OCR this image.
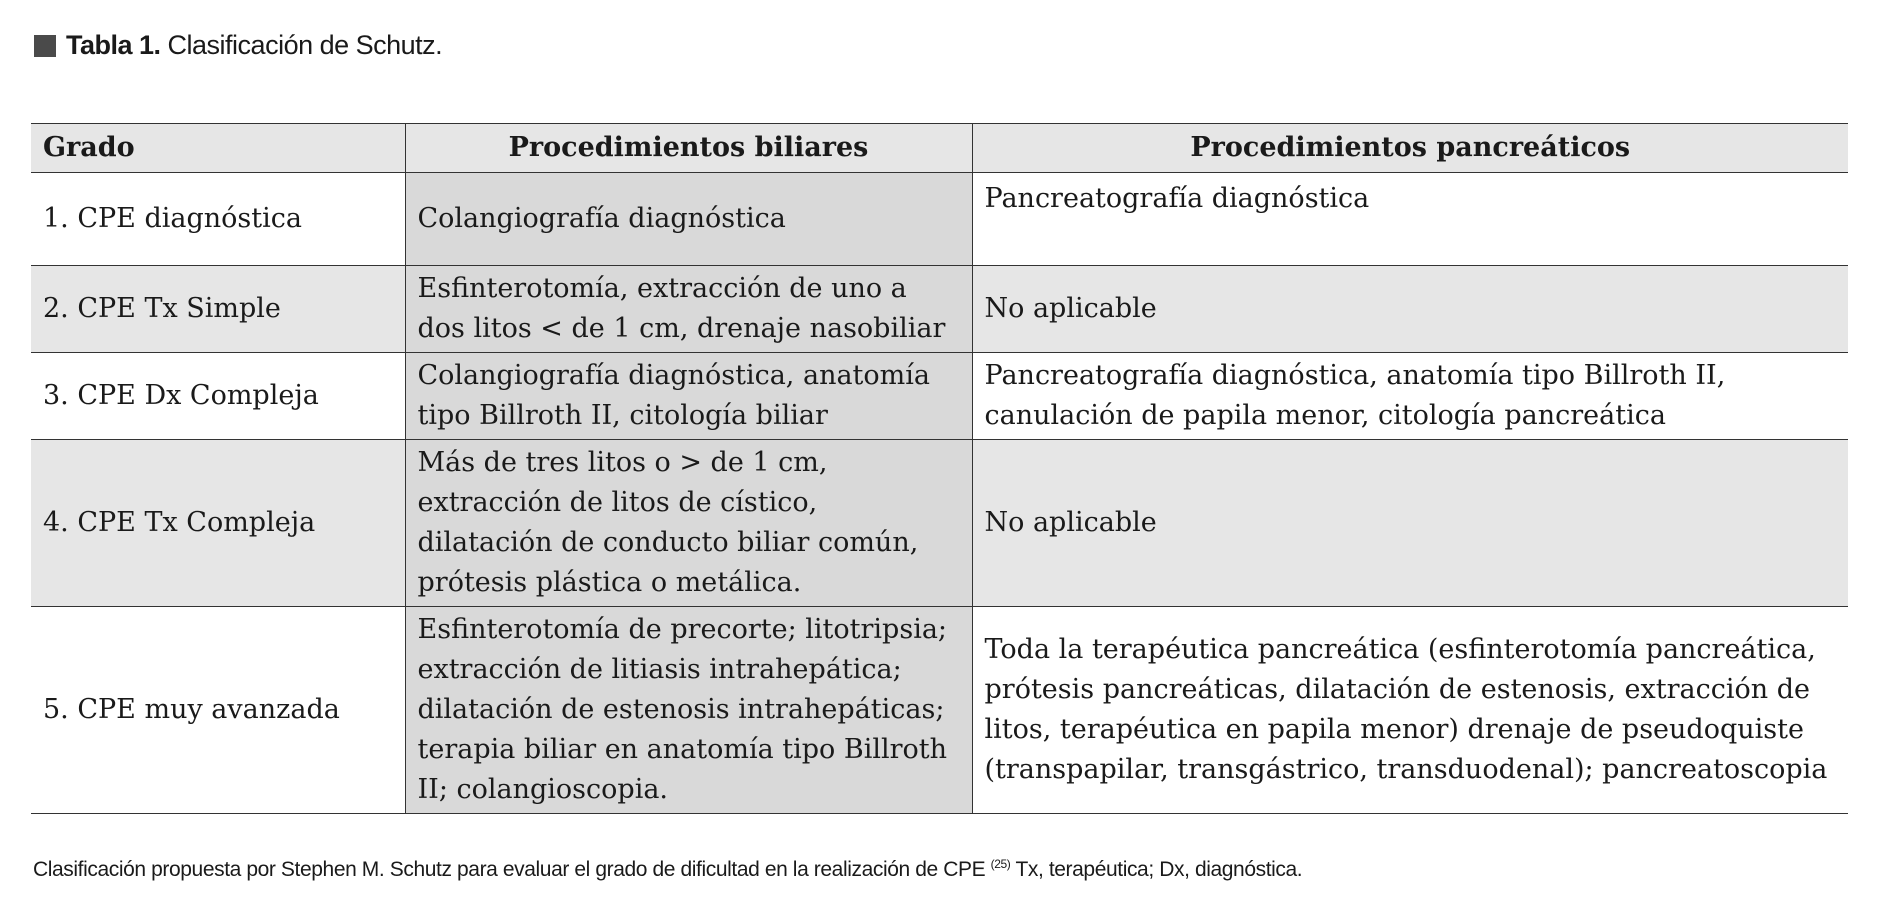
Tabla 1. Clasificación de Schutz.
Grado	Procedimientos biliares	Procedimientos pancreáticos
1. CPE diagnóstica	Colangiografía diagnóstica	Pancreatografía diagnóstica
2. CPE Tx Simple	Esfinterotomía, extracción de uno a dos litos < de 1 cm, drenaje nasobiliar	No aplicable
3. CPE Dx Compleja	Colangiografía diagnóstica, anatomía tipo Billroth II, citología biliar	Pancreatografía diagnóstica, anatomía tipo Billroth II, canulación de papila menor, citología pancreática
4. CPE Tx Compleja	Más de tres litos o > de 1 cm, extracción de litos de cístico, dilatación de conducto biliar común, prótesis plástica o metálica.	No aplicable
5. CPE muy avanzada	Esfinterotomía de precorte; litotripsia; extracción de litiasis intrahepática; dilatación de estenosis intrahepáticas; terapia biliar en anatomía tipo Billroth II; colangioscopia.	Toda la terapéutica pancreática (esfinterotomía pancreática, prótesis pancreáticas, dilatación de estenosis, extracción de litos, terapéutica en papila menor) drenaje de pseudoquiste (transpapilar, transgástrico, transduodenal); pancreatoscopia
Clasificación propuesta por Stephen M. Schutz para evaluar el grado de dificultad en la realización de CPE $^{(25)}$ Tx, terapéutica; Dx, diagnóstica.
